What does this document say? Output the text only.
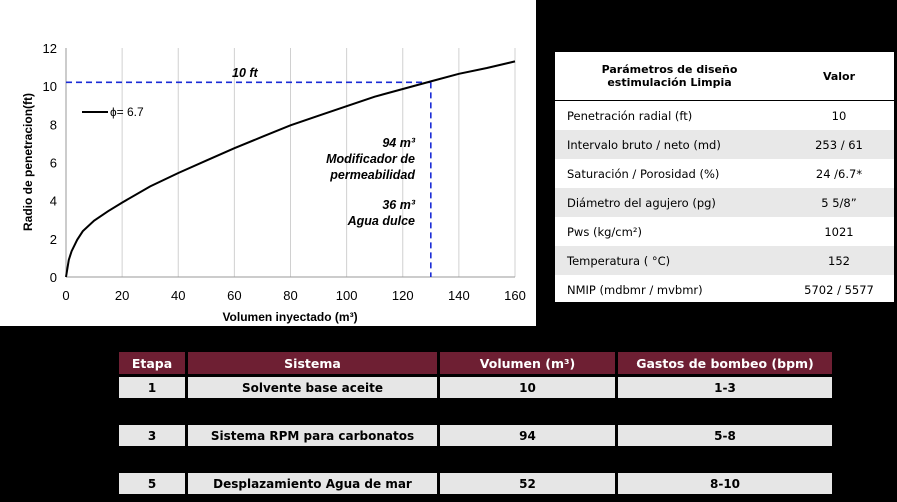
0	20	40	60	80	100	120	140	160
0
2
4
6
8
10
12
Volumen inyectado (m³)
Radio de penetracion(ft)	ɸ= 6.7
10 ft
94 m³
Modificador de
permeabilidad
36 m³
Agua dulce
Parámetros de diseño
estimulación Limpia	Valor
Penetración radial (ft)	10
Intervalo bruto / neto (md)	253 / 61
Saturación / Porosidad (%)	24 /6.7*
Diámetro del agujero (pg)	5 5/8”
Pws (kg/cm²)	1021
Temperatura ( °C)	152
NMIP (mdbmr / mvbmr)	5702 / 5577
Etapa	Sistema	Volumen (m³)	Gastos de bombeo (bpm)
1	Solvente base aceite	10	1-3

3	Sistema RPM para carbonatos	94	5-8

5	Desplazamiento Agua de mar	52	8-10
